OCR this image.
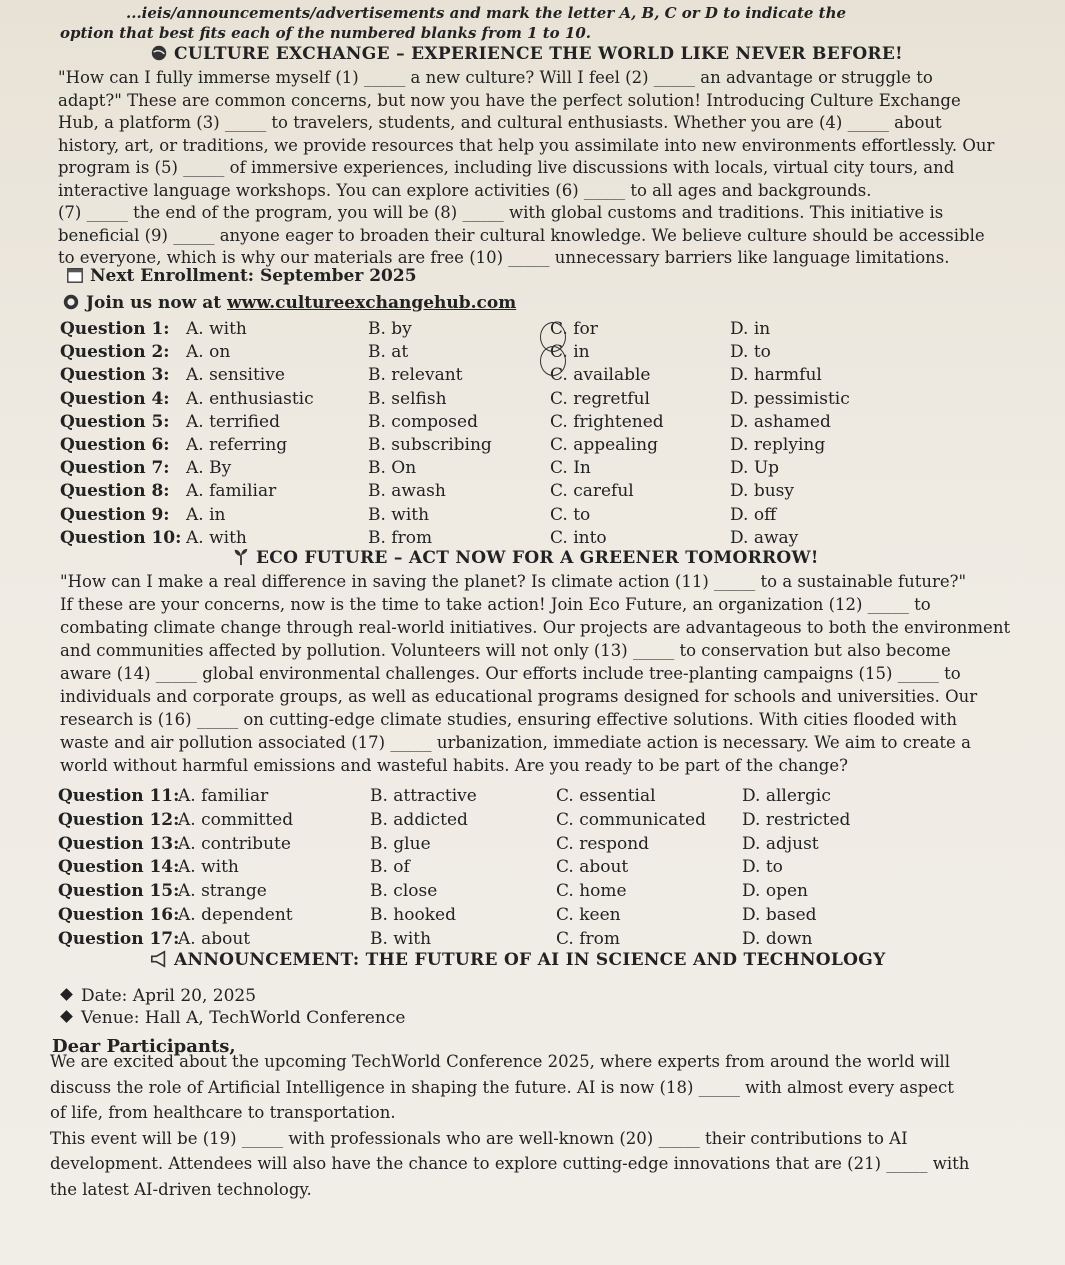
...ieis/announcements/advertisements and mark the letter A, B, C or D to indicate the
option that best fits each of the numbered blanks from 1 to 10.
CULTURE EXCHANGE – EXPERIENCE THE WORLD LIKE NEVER BEFORE!
"How can I fully immerse myself (1) _____ a new culture? Will I feel (2) _____ an advantage or struggle to
adapt?" These are common concerns, but now you have the perfect solution! Introducing Culture Exchange
Hub, a platform (3) _____ to travelers, students, and cultural enthusiasts. Whether you are (4) _____ about
history, art, or traditions, we provide resources that help you assimilate into new environments effortlessly. Our
program is (5) _____ of immersive experiences, including live discussions with locals, virtual city tours, and
interactive language workshops. You can explore activities (6) _____ to all ages and backgrounds.
(7) _____ the end of the program, you will be (8) _____ with global customs and traditions. This initiative is
beneficial (9) _____ anyone eager to broaden their cultural knowledge. We believe culture should be accessible
to everyone, which is why our materials are free (10) _____ unnecessary barriers like language limitations.
Next Enrollment: September 2025
Join us now at www.cultureexchangehub.com
Question 1: A. with	B. by	C. for	D. in
Question 2: A. on	B. at	C. in	D. to
Question 3: A. sensitive	B. relevant	C. available	D. harmful
Question 4: A. enthusiastic	B. selfish	C. regretful	D. pessimistic
Question 5: A. terrified	B. composed	C. frightened	D. ashamed
Question 6: A. referring	B. subscribing	C. appealing	D. replying
Question 7: A. By	B. On	C. In	D. Up
Question 8: A. familiar	B. awash	C. careful	D. busy
Question 9: A. in	B. with	C. to	D. off
Question 10: A. with	B. from	C. into	D. away
ECO FUTURE – ACT NOW FOR A GREENER TOMORROW!
"How can I make a real difference in saving the planet? Is climate action (11) _____ to a sustainable future?"
If these are your concerns, now is the time to take action! Join Eco Future, an organization (12) _____ to
combating climate change through real-world initiatives. Our projects are advantageous to both the environment
and communities affected by pollution. Volunteers will not only (13) _____ to conservation but also become
aware (14) _____ global environmental challenges. Our efforts include tree-planting campaigns (15) _____ to
individuals and corporate groups, as well as educational programs designed for schools and universities. Our
research is (16) _____ on cutting-edge climate studies, ensuring effective solutions. With cities flooded with
waste and air pollution associated (17) _____ urbanization, immediate action is necessary. We aim to create a
world without harmful emissions and wasteful habits. Are you ready to be part of the change?
Question 11:
A. familiar	B. attractive	C. essential	D. allergic
Question 12:
A. committed	B. addicted	C. communicated D. restricted
Question 13:
A. contribute	B. glue	C. respond	D. adjust
Question 14:
A. with	B. of	C. about	D. to
Question 15:
A. strange	B. close	C. home	D. open
Question 16:
A. dependent	B. hooked	C. keen	D. based
Question 17:
A. about	B. with	C. from	D. down
ANNOUNCEMENT: THE FUTURE OF AI IN SCIENCE AND TECHNOLOGY
Date: April 20, 2025
Venue: Hall A, TechWorld Conference
Dear Participants,
We are excited about the upcoming TechWorld Conference 2025, where experts from around the world will
discuss the role of Artificial Intelligence in shaping the future. AI is now (18) _____ with almost every aspect
of life, from healthcare to transportation.
This event will be (19) _____ with professionals who are well-known (20) _____ their contributions to AI
development. Attendees will also have the chance to explore cutting-edge innovations that are (21) _____ with
the latest AI-driven technology.
